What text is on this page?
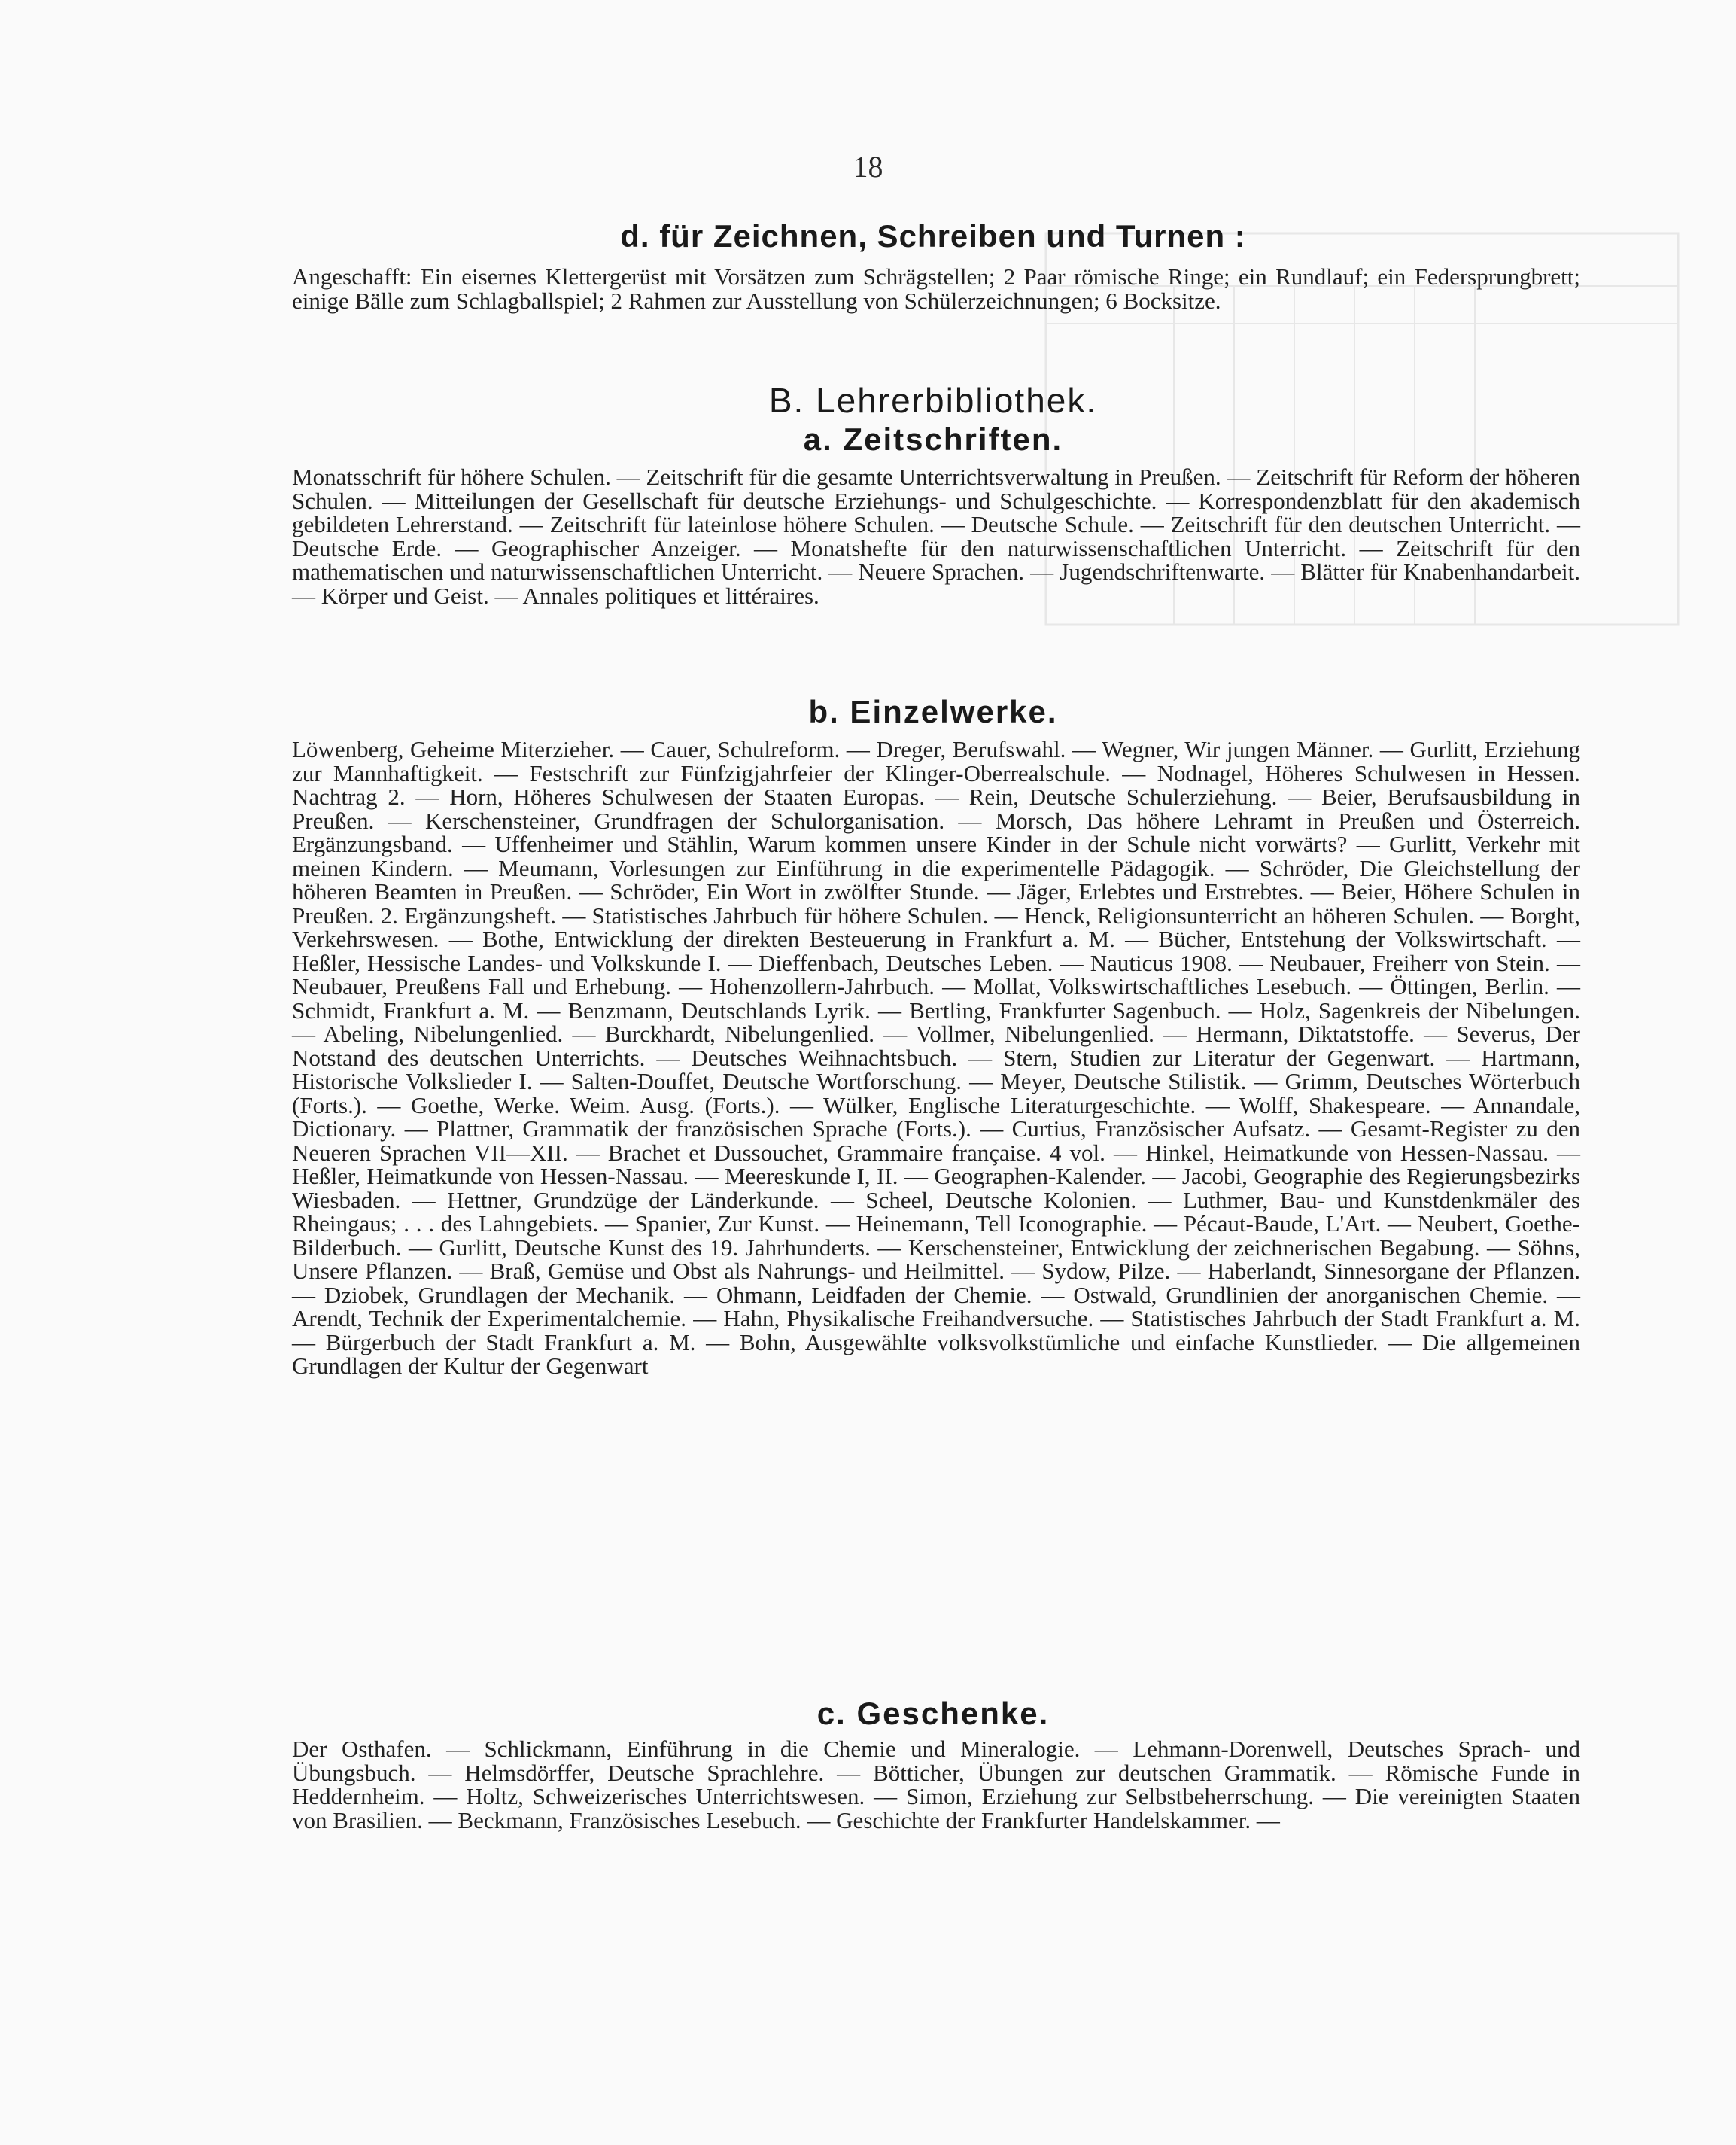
18
d. für Zeichnen, Schreiben und Turnen :
Angeschafft: Ein eisernes Klettergerüst mit Vorsätzen zum Schrägstellen; 2 Paar römische Ringe; ein Rundlauf; ein Federsprungbrett; einige Bälle zum Schlagballspiel; 2 Rahmen zur Ausstellung von Schülerzeichnungen; 6 Bocksitze.
B. Lehrerbibliothek.
a. Zeitschriften.
Monatsschrift für höhere Schulen. — Zeitschrift für die gesamte Unterrichtsverwaltung in Preußen. — Zeitschrift für Reform der höheren Schulen. — Mitteilungen der Gesellschaft für deutsche Erziehungs- und Schulgeschichte. — Korrespondenzblatt für den akademisch gebildeten Lehrerstand. — Zeitschrift für lateinlose höhere Schulen. — Deutsche Schule. — Zeitschrift für den deutschen Unterricht. — Deutsche Erde. — Geographischer Anzeiger. — Monatshefte für den naturwissenschaftlichen Unterricht. — Zeitschrift für den mathematischen und naturwissenschaftlichen Unterricht. — Neuere Sprachen. — Jugendschriftenwarte. — Blätter für Knabenhandarbeit. — Körper und Geist. — Annales politiques et littéraires.
b. Einzelwerke.
Löwenberg, Geheime Miterzieher. — Cauer, Schulreform. — Dreger, Berufswahl. — Wegner, Wir jungen Männer. — Gurlitt, Erziehung zur Mannhaftigkeit. — Festschrift zur Fünfzigjahrfeier der Klinger-Oberrealschule. — Nodnagel, Höheres Schulwesen in Hessen. Nachtrag 2. — Horn, Höheres Schulwesen der Staaten Europas. — Rein, Deutsche Schulerziehung. — Beier, Berufsausbildung in Preußen. — Kerschensteiner, Grundfragen der Schulorganisation. — Morsch, Das höhere Lehramt in Preußen und Österreich. Ergänzungsband. — Uffenheimer und Stählin, Warum kommen unsere Kinder in der Schule nicht vorwärts? — Gurlitt, Verkehr mit meinen Kindern. — Meumann, Vorlesungen zur Einführung in die experimentelle Pädagogik. — Schröder, Die Gleichstellung der höheren Beamten in Preußen. — Schröder, Ein Wort in zwölfter Stunde. — Jäger, Erlebtes und Erstrebtes. — Beier, Höhere Schulen in Preußen. 2. Ergänzungsheft. — Statistisches Jahrbuch für höhere Schulen. — Henck, Religionsunterricht an höheren Schulen. — Borght, Verkehrswesen. — Bothe, Entwicklung der direkten Besteuerung in Frankfurt a. M. — Bücher, Entstehung der Volkswirtschaft. — Heßler, Hessische Landes- und Volkskunde I. — Dieffenbach, Deutsches Leben. — Nauticus 1908. — Neubauer, Freiherr von Stein. — Neubauer, Preußens Fall und Erhebung. — Hohenzollern-Jahrbuch. — Mollat, Volkswirtschaftliches Lesebuch. — Öttingen, Berlin. — Schmidt, Frankfurt a. M. — Benzmann, Deutschlands Lyrik. — Bertling, Frankfurter Sagenbuch. — Holz, Sagenkreis der Nibelungen. — Abeling, Nibelungenlied. — Burckhardt, Nibelungenlied. — Vollmer, Nibelungenlied. — Hermann, Diktatstoffe. — Severus, Der Notstand des deutschen Unterrichts. — Deutsches Weihnachtsbuch. — Stern, Studien zur Literatur der Gegenwart. — Hartmann, Historische Volkslieder I. — Salten-Douffet, Deutsche Wortforschung. — Meyer, Deutsche Stilistik. — Grimm, Deutsches Wörterbuch (Forts.). — Goethe, Werke. Weim. Ausg. (Forts.). — Wülker, Englische Literaturgeschichte. — Wolff, Shakespeare. — Annandale, Dictionary. — Plattner, Grammatik der französischen Sprache (Forts.). — Curtius, Französischer Aufsatz. — Gesamt-Register zu den Neueren Sprachen VII—XII. — Brachet et Dussouchet, Grammaire française. 4 vol. — Hinkel, Heimatkunde von Hessen-Nassau. — Heßler, Heimatkunde von Hessen-Nassau. — Meereskunde I, II. — Geographen-Kalender. — Jacobi, Geographie des Regierungsbezirks Wiesbaden. — Hettner, Grundzüge der Länderkunde. — Scheel, Deutsche Kolonien. — Luthmer, Bau- und Kunstdenkmäler des Rheingaus; . . . des Lahngebiets. — Spanier, Zur Kunst. — Heinemann, Tell Iconographie. — Pécaut-Baude, L'Art. — Neubert, Goethe-Bilderbuch. — Gurlitt, Deutsche Kunst des 19. Jahrhunderts. — Kerschensteiner, Entwicklung der zeichnerischen Begabung. — Söhns, Unsere Pflanzen. — Braß, Gemüse und Obst als Nahrungs- und Heilmittel. — Sydow, Pilze. — Haberlandt, Sinnesorgane der Pflanzen. — Dziobek, Grundlagen der Mechanik. — Ohmann, Leidfaden der Chemie. — Ostwald, Grundlinien der anorganischen Chemie. — Arendt, Technik der Experimentalchemie. — Hahn, Physikalische Freihandversuche. — Statistisches Jahrbuch der Stadt Frankfurt a. M. — Bürgerbuch der Stadt Frankfurt a. M. — Bohn, Ausgewählte volksvolkstümliche und einfache Kunstlieder. — Die allgemeinen Grundlagen der Kultur der Gegenwart
c. Geschenke.
Der Osthafen. — Schlickmann, Einführung in die Chemie und Mineralogie. — Lehmann-Dorenwell, Deutsches Sprach- und Übungsbuch. — Helmsdörffer, Deutsche Sprachlehre. — Bötticher, Übungen zur deutschen Grammatik. — Römische Funde in Heddernheim. — Holtz, Schweizerisches Unterrichtswesen. — Simon, Erziehung zur Selbstbeherrschung. — Die vereinigten Staaten von Brasilien. — Beckmann, Französisches Lesebuch. — Geschichte der Frankfurter Handelskammer. —
